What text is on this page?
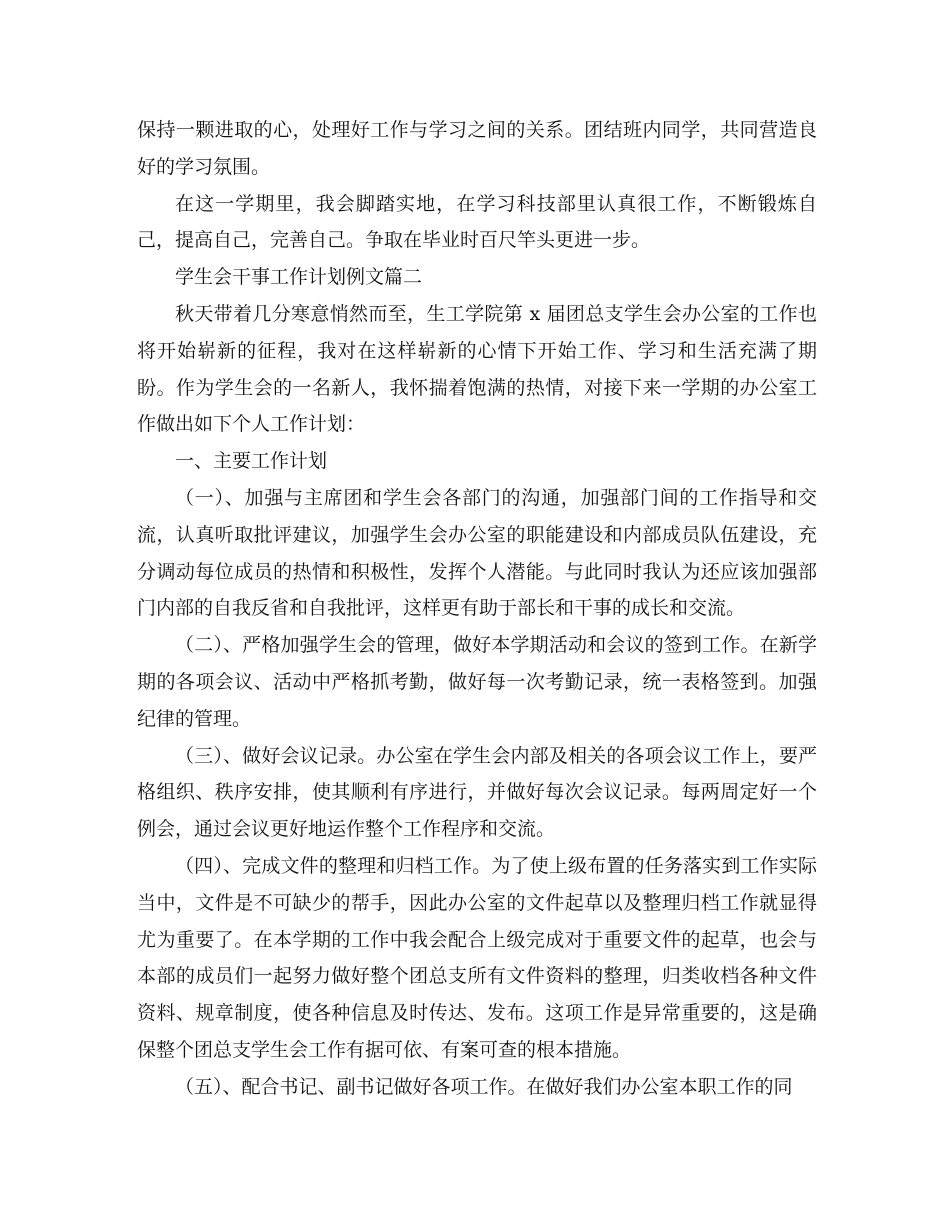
保持一颗进取的心，处理好工作与学习之间的关系。团结班内同学，共同营造良好的学习氛围。

在这一学期里，我会脚踏实地，在学习科技部里认真很工作，不断锻炼自己，提高自己，完善自己。争取在毕业时百尺竿头更进一步。

学生会干事工作计划例文篇二

秋天带着几分寒意悄然而至，生工学院第 x 届团总支学生会办公室的工作也将开始崭新的征程，我对在这样崭新的心情下开始工作、学习和生活充满了期盼。作为学生会的一名新人，我怀揣着饱满的热情，对接下来一学期的办公室工作做出如下个人工作计划：

一、主要工作计划

（一）、加强与主席团和学生会各部门的沟通，加强部门间的工作指导和交流，认真听取批评建议，加强学生会办公室的职能建设和内部成员队伍建设，充分调动每位成员的热情和积极性，发挥个人潜能。与此同时我认为还应该加强部门内部的自我反省和自我批评，这样更有助于部长和干事的成长和交流。

（二）、严格加强学生会的管理，做好本学期活动和会议的签到工作。在新学期的各项会议、活动中严格抓考勤，做好每一次考勤记录，统一表格签到。加强纪律的管理。

（三）、做好会议记录。办公室在学生会内部及相关的各项会议工作上，要严格组织、秩序安排，使其顺利有序进行，并做好每次会议记录。每两周定好一个例会，通过会议更好地运作整个工作程序和交流。

（四）、完成文件的整理和归档工作。为了使上级布置的任务落实到工作实际当中，文件是不可缺少的帮手，因此办公室的文件起草以及整理归档工作就显得尤为重要了。在本学期的工作中我会配合上级完成对于重要文件的起草，也会与本部的成员们一起努力做好整个团总支所有文件资料的整理，归类收档各种文件资料、规章制度，使各种信息及时传达、发布。这项工作是异常重要的，这是确保整个团总支学生会工作有据可依、有案可查的根本措施。

（五）、配合书记、副书记做好各项工作。在做好我们办公室本职工作的同
